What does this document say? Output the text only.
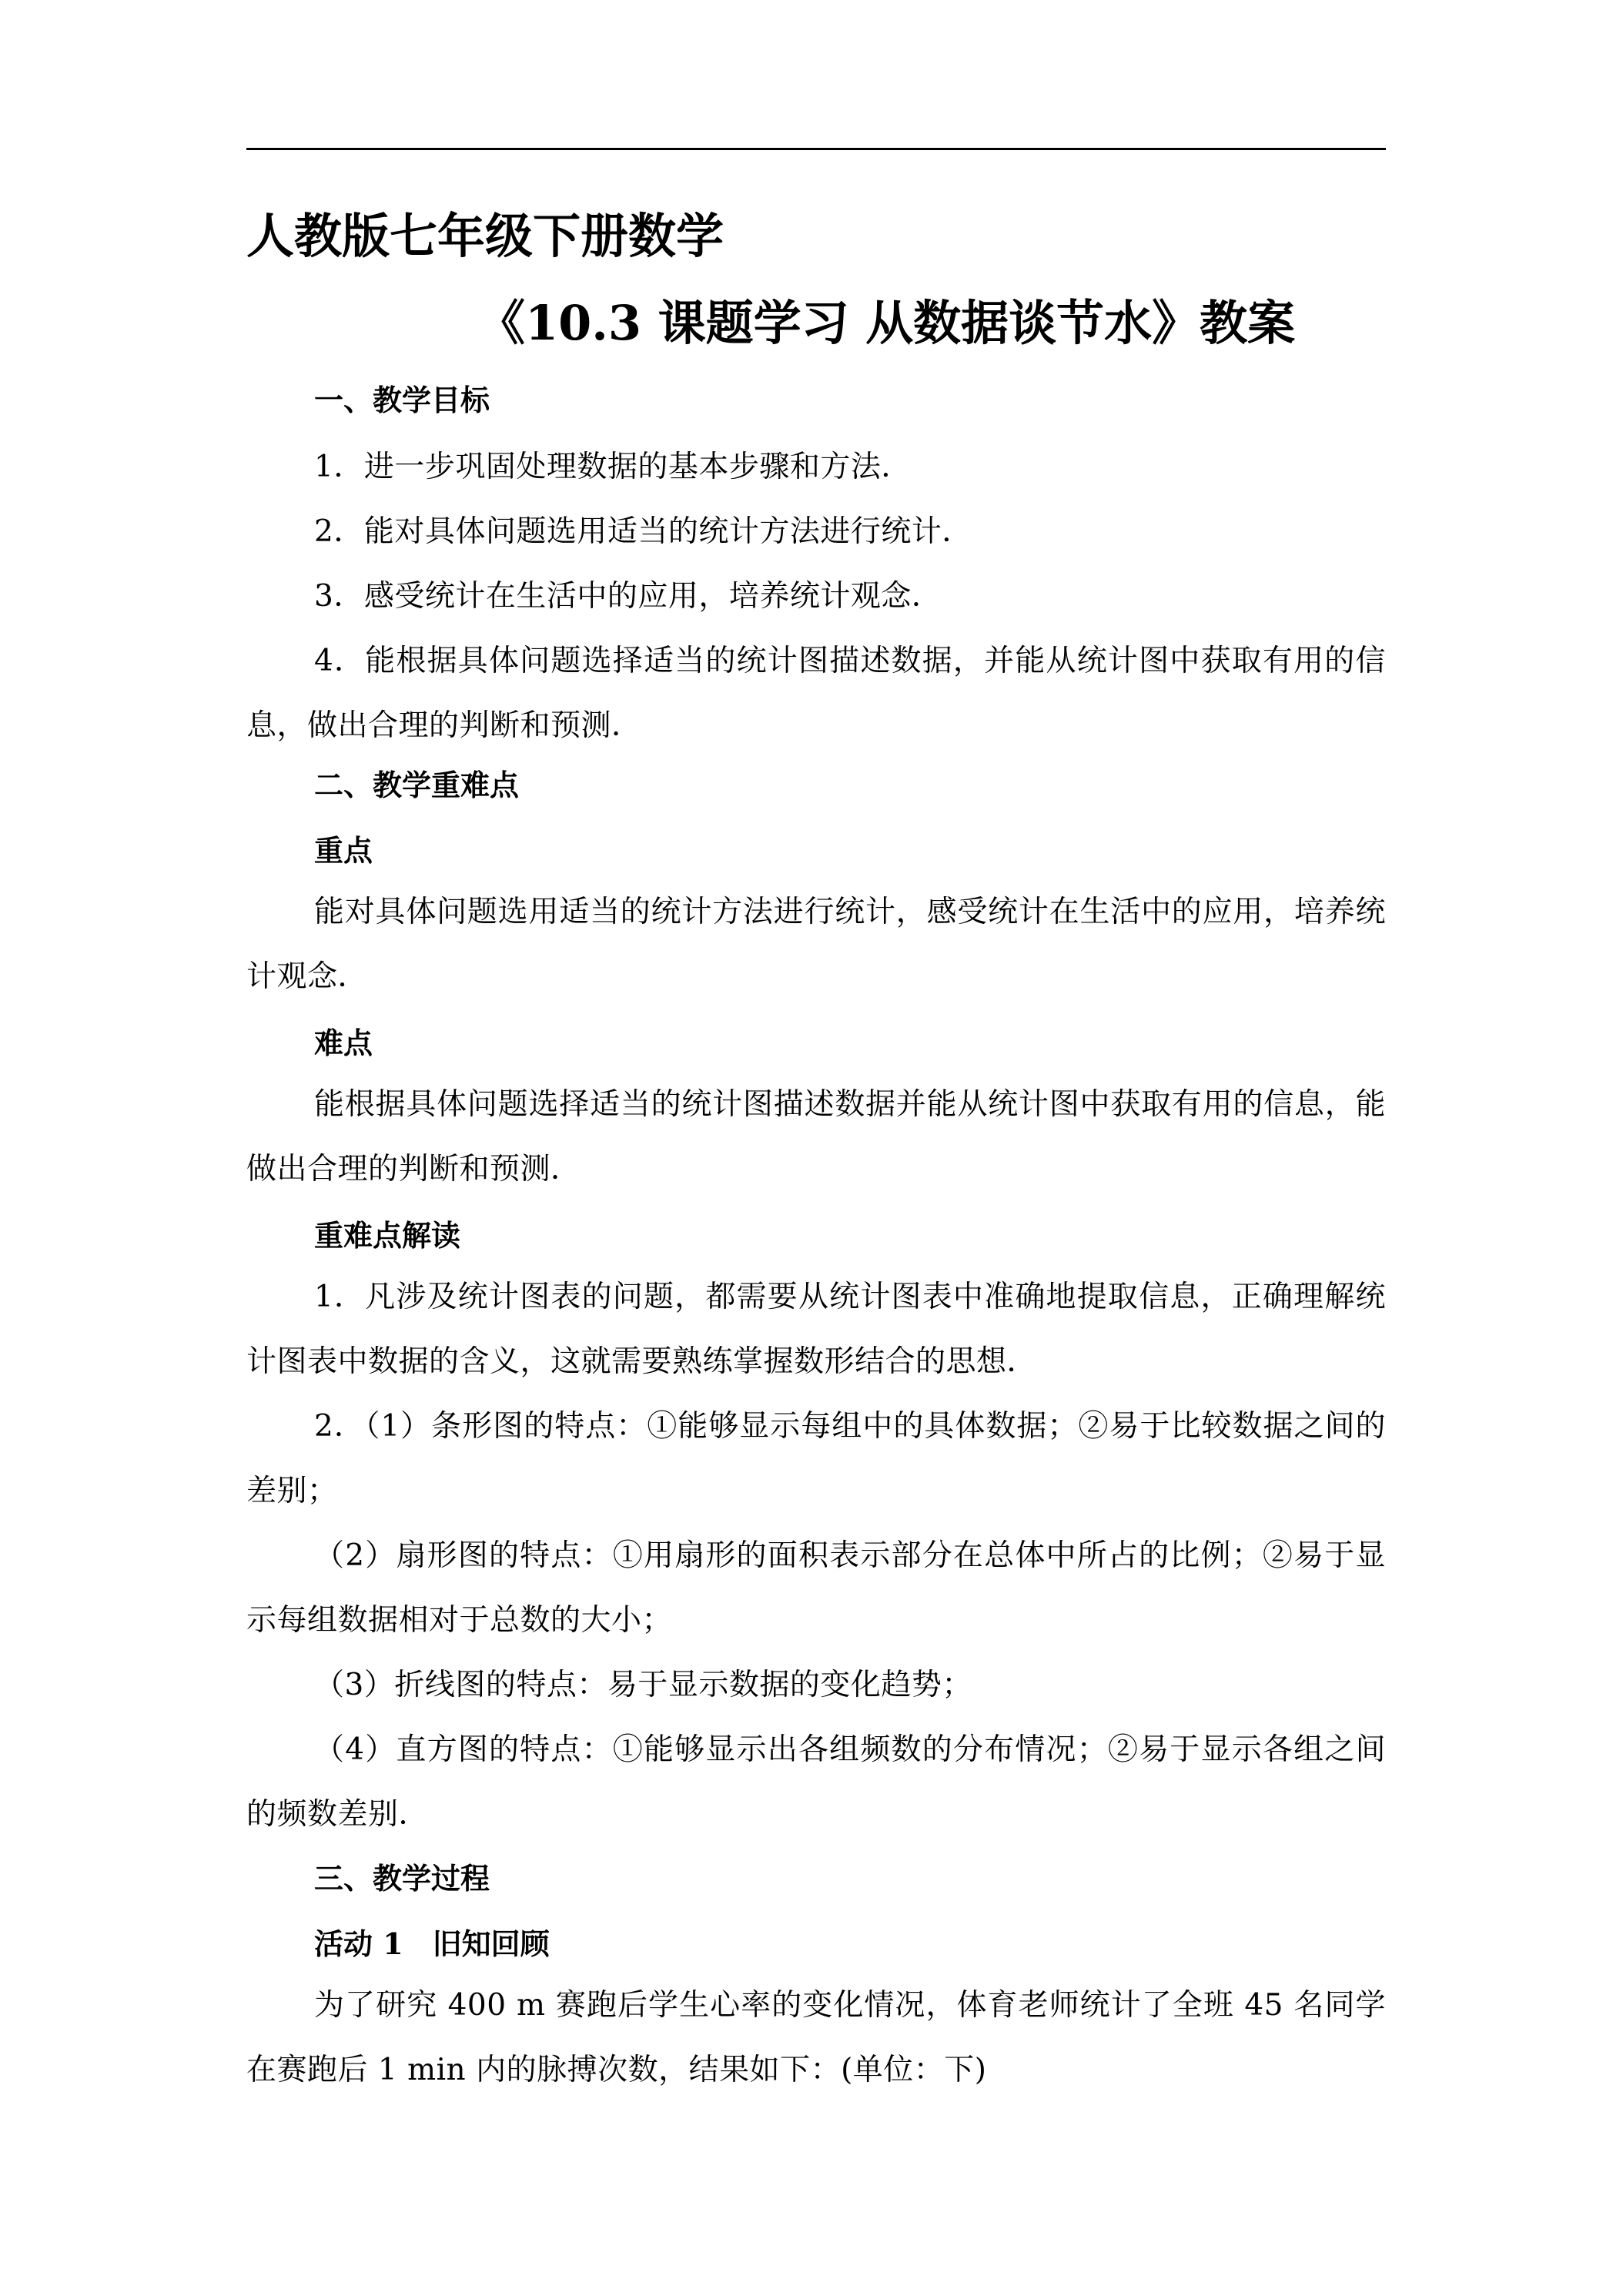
人教版七年级下册数学
《10.3 课题学习 从数据谈节水》教案
一、教学目标
1．进一步巩固处理数据的基本步骤和方法．
2．能对具体问题选用适当的统计方法进行统计．
3．感受统计在生活中的应用，培养统计观念．
4．能根据具体问题选择适当的统计图描述数据，并能从统计图中获取有用的信息，做出合理的判断和预测．
二、教学重难点
重点
能对具体问题选用适当的统计方法进行统计，感受统计在生活中的应用，培养统计观念．
难点
能根据具体问题选择适当的统计图描述数据并能从统计图中获取有用的信息，能做出合理的判断和预测．
重难点解读
1．凡涉及统计图表的问题，都需要从统计图表中准确地提取信息，正确理解统计图表中数据的含义，这就需要熟练掌握数形结合的思想．
2．（1）条形图的特点：①能够显示每组中的具体数据；②易于比较数据之间的差别；
（2）扇形图的特点：①用扇形的面积表示部分在总体中所占的比例；②易于显示每组数据相对于总数的大小；
（3）折线图的特点：易于显示数据的变化趋势；
（4）直方图的特点：①能够显示出各组频数的分布情况；②易于显示各组之间的频数差别．
三、教学过程
活动 1　旧知回顾
为了研究 400 m 赛跑后学生心率的变化情况，体育老师统计了全班 45 名同学在赛跑后 1 min 内的脉搏次数，结果如下：(单位：下)
